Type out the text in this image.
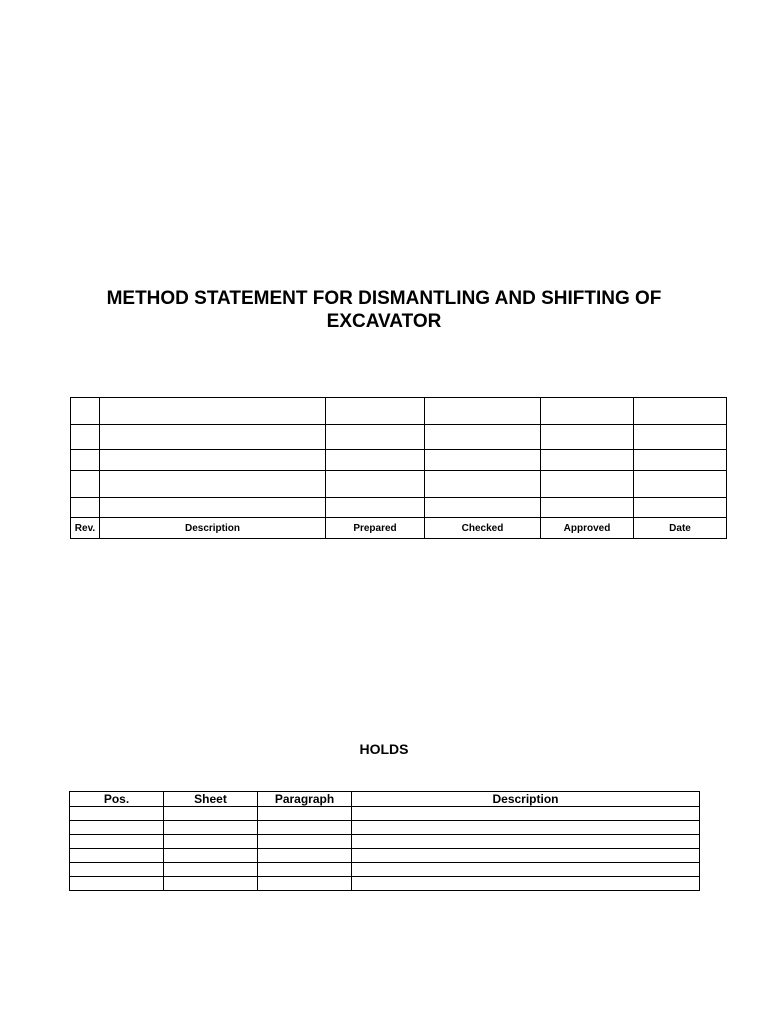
METHOD STATEMENT FOR DISMANTLING AND SHIFTING OF
EXCAVATOR

Rev.	Description	Prepared	Checked	Approved	Date
HOLDS
Pos.	Sheet	Paragraph	Description
